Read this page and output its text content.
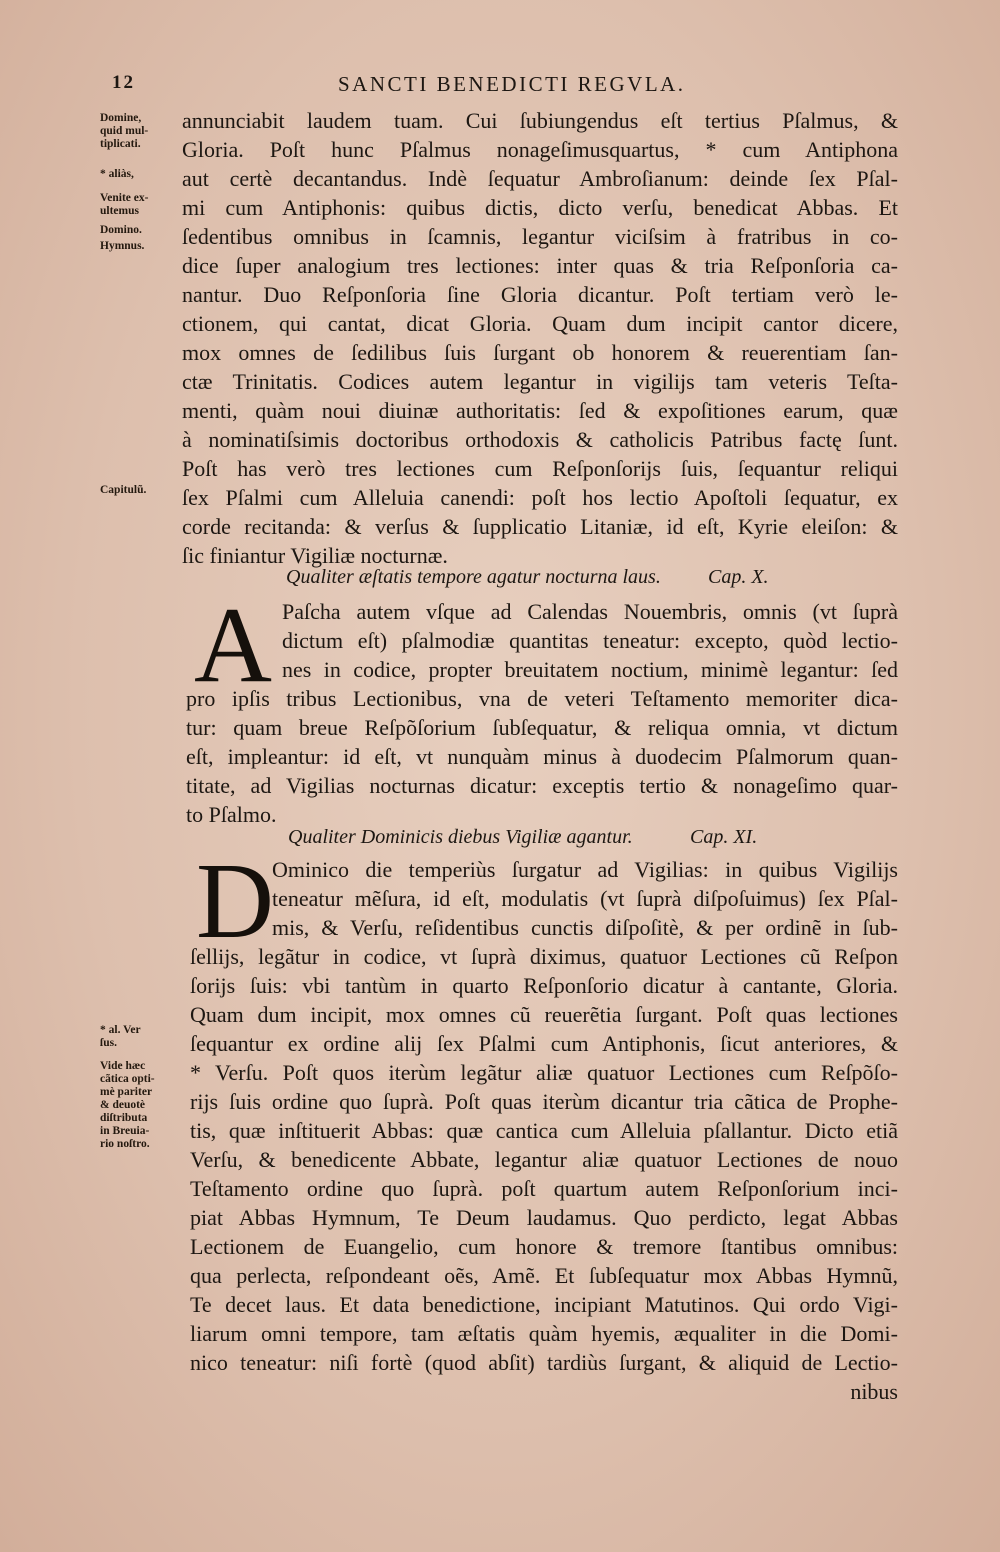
12	SANCTI BENEDICTI REGVLA.
Domine,
quid mul-
tiplicati.
* aliàs,
Venite ex-
ultemus
Domino.
Hymnus.
Capitulũ.
* al. Ver
ſus.
Vide hæc
cãtica opti-
mè pariter
& deuotè
diſtributa
in Breuia-
rio noſtro.
annunciabit laudem tuam. Cui ſubiungendus eſt tertius Pſalmus, &
Gloria. Poſt hunc Pſalmus nonageſimusquartus, * cum Antiphona
aut certè decantandus. Indè ſequatur Ambroſianum: deinde ſex Pſal-
mi cum Antiphonis: quibus dictis, dicto verſu, benedicat Abbas. Et
ſedentibus omnibus in ſcamnis, legantur viciſsim à fratribus in co-
dice ſuper analogium tres lectiones: inter quas & tria Reſponſoria ca-
nantur. Duo Reſponſoria ſine Gloria dicantur. Poſt tertiam verò le-
ctionem, qui cantat, dicat Gloria. Quam dum incipit cantor dicere,
mox omnes de ſedilibus ſuis ſurgant ob honorem & reuerentiam ſan-
ctæ Trinitatis. Codices autem legantur in vigilijs tam veteris Teſta-
menti, quàm noui diuinæ authoritatis: ſed & expoſitiones earum, quæ
à nominatiſsimis doctoribus orthodoxis & catholicis Patribus factę ſunt.
Poſt has verò tres lectiones cum Reſponſorijs ſuis, ſequantur reliqui
ſex Pſalmi cum Alleluia canendi: poſt hos lectio Apoſtoli ſequatur, ex
corde recitanda: & verſus & ſupplicatio Litaniæ, id eſt, Kyrie eleiſon: &
ſic finiantur Vigiliæ nocturnæ.
Qualiter æſtatis tempore agatur nocturna laus. Cap. X.
A Paſcha autem vſque ad Calendas Nouembris, omnis (vt ſuprà
dictum eſt) pſalmodiæ quantitas teneatur: excepto, quòd lectio-
nes in codice, propter breuitatem noctium, minimè legantur: ſed
pro ipſis tribus Lectionibus, vna de veteri Teſtamento memoriter dica-
tur: quam breue Reſpõſorium ſubſequatur, & reliqua omnia, vt dictum
eſt, impleantur: id eſt, vt nunquàm minus à duodecim Pſalmorum quan-
titate, ad Vigilias nocturnas dicatur: exceptis tertio & nonageſimo quar-
to Pſalmo.
Qualiter Dominicis diebus Vigiliæ agantur.	Cap. XI.
D
Ominico die temperiùs ſurgatur ad Vigilias: in quibus Vigilijs
teneatur mẽſura, id eſt, modulatis (vt ſuprà diſpoſuimus) ſex Pſal-
mis, & Verſu, reſidentibus cunctis diſpoſitè, & per ordinẽ in ſub-
ſellijs, legãtur in codice, vt ſuprà diximus, quatuor Lectiones cũ Reſpon
ſorijs ſuis: vbi tantùm in quarto Reſponſorio dicatur à cantante, Gloria.
Quam dum incipit, mox omnes cũ reuerẽtia ſurgant. Poſt quas lectiones
ſequantur ex ordine alij ſex Pſalmi cum Antiphonis, ſicut anteriores, &
* Verſu. Poſt quos iterùm legãtur aliæ quatuor Lectiones cum Reſpõſo-
rijs ſuis ordine quo ſuprà. Poſt quas iterùm dicantur tria cãtica de Prophe-
tis, quæ inſtituerit Abbas: quæ cantica cum Alleluia pſallantur. Dicto etiã
Verſu, & benedicente Abbate, legantur aliæ quatuor Lectiones de nouo
Teſtamento ordine quo ſuprà. poſt quartum autem Reſponſorium inci-
piat Abbas Hymnum, Te Deum laudamus. Quo perdicto, legat Abbas
Lectionem de Euangelio, cum honore & tremore ſtantibus omnibus:
qua perlecta, reſpondeant oẽs, Amẽ. Et ſubſequatur mox Abbas Hymnũ,
Te decet laus. Et data benedictione, incipiant Matutinos. Qui ordo Vigi-
liarum omni tempore, tam æſtatis quàm hyemis, æqualiter in die Domi-
nico teneatur: niſi fortè (quod abſit) tardiùs ſurgant, & aliquid de Lectio-
nibus
